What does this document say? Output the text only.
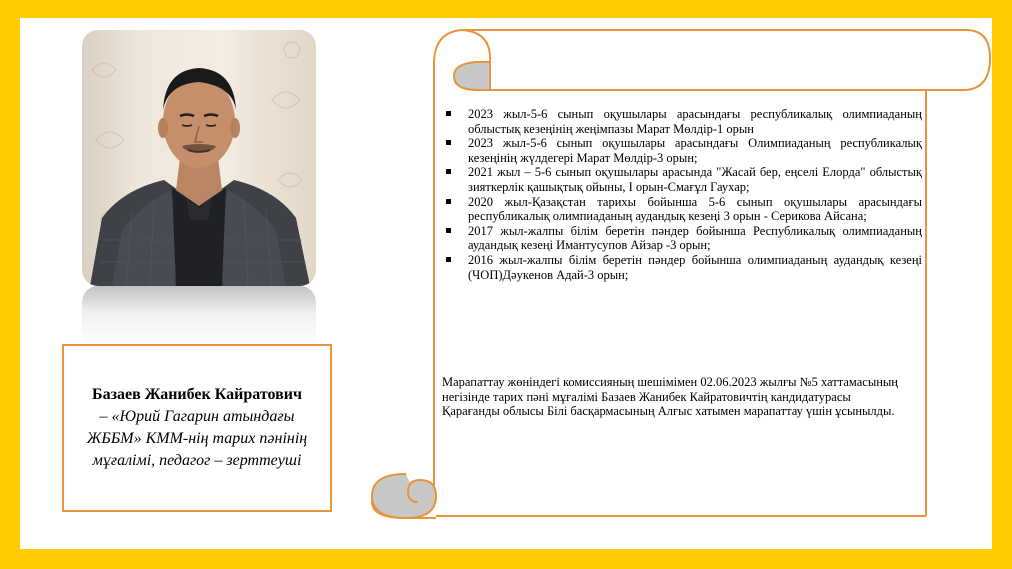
Базаев Жанибек Кайратович
– «Юрий Гагарин атындағы ЖББМ» КММ-нің тарих пәнінің мұғалімі, педагог – зерттеуші
2023 жыл-5-6 сынып оқушылары арасындағы республикалық олимпиаданың облыстық кезеңінің жеңімпазы Марат Мөлдір-1 орын
2023 жыл-5-6 сынып оқушылары арасындағы Олимпиаданың республикалық кезеңінің жүлдегері Марат Мөлдір-3 орын;
2021 жыл – 5-6 сынып оқушылары арасында "Жасай бер, еңселі Елорда" облыстық зияткерлік қашықтық ойыны, I орын-Смағұл Гаухар;
2020 жыл-Қазақстан тарихы бойынша 5-6 сынып оқушылары арасындағы республикалық олимпиаданың аудандық кезеңі 3 орын - Серикова Айсана;
2017 жыл-жалпы білім беретін пәндер бойынша Республикалық олимпиаданың аудандық кезеңі Имантусупов Айзар -3 орын;
2016 жыл-жалпы білім беретін пәндер бойынша олимпиаданың аудандық кезеңі (ЧОП)Дәукенов Адай-3 орын;

Марапаттау жөніндегі комиссияның шешімімен 02.06.2023 жылғы №5 хаттамасының негізінде тарих пәні мұғалімі Базаев Жанибек Кайратовичтің кандидатурасы Қарағанды облысы Білі басқармасының Алғыс хатымен марапаттау үшін ұсынылды.
